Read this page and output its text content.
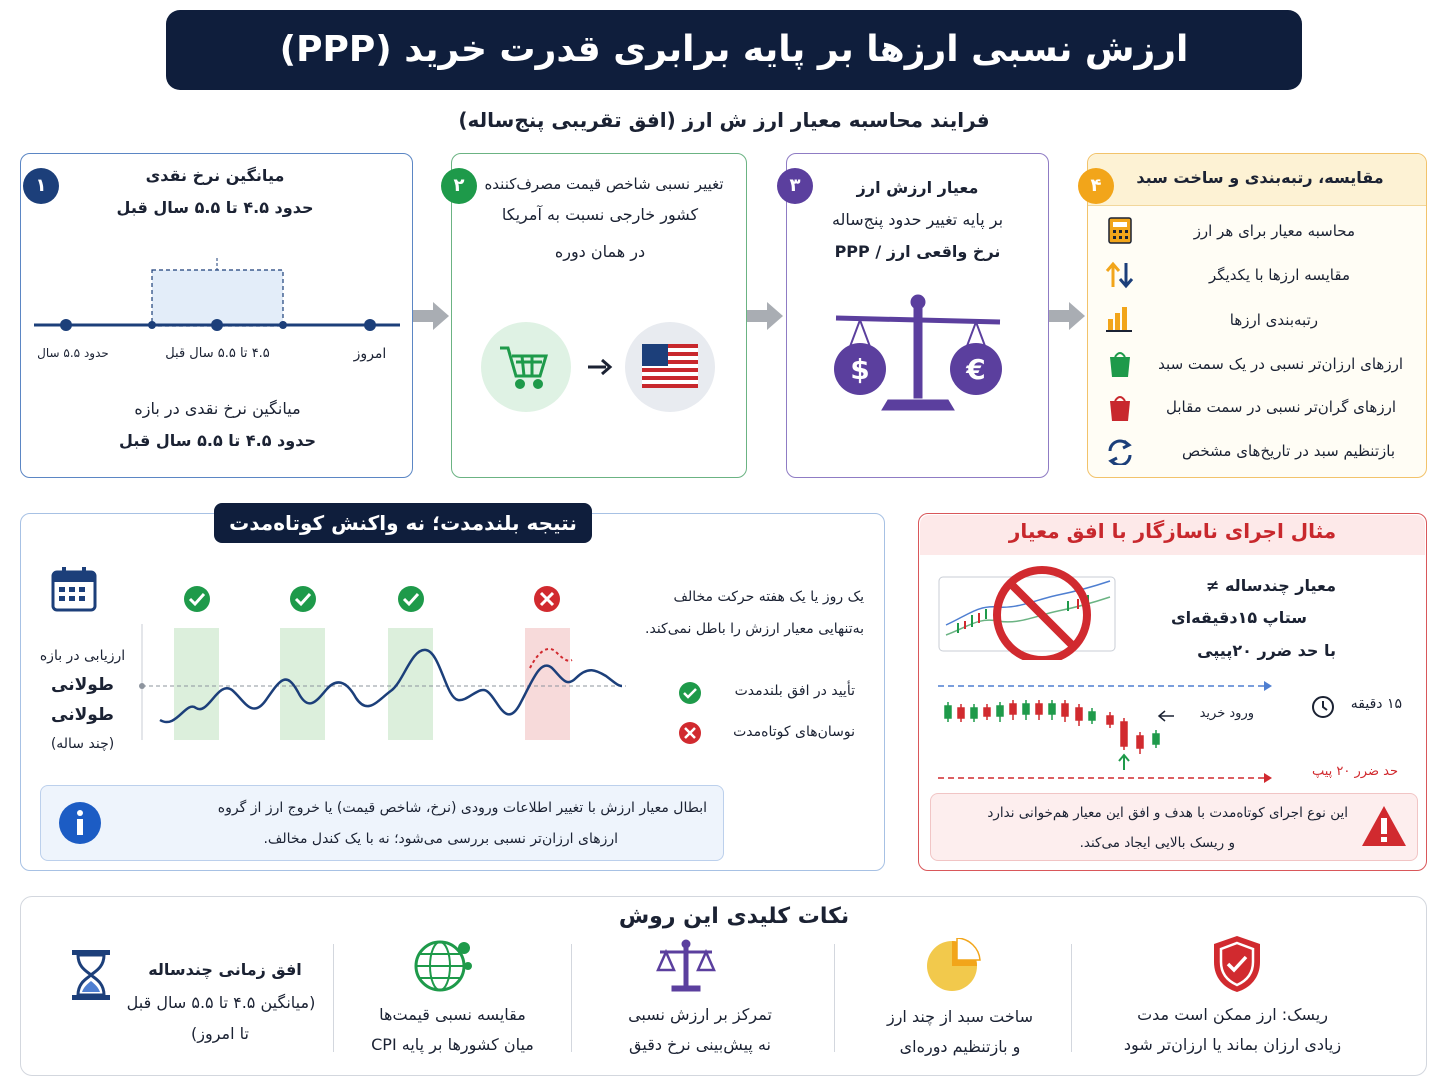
ارزش نسبی ارزها بر پایه برابری قدرت خرید (PPP)
فرایند محاسبه معیار ارز ش ارز (افق تقریبی پنج‌ساله)
۱	میانگین نرخ نقدی
حدود ۴.۵ تا ۵.۵ سال قبل
حدود ۵.۵ سال	۴.۵ تا ۵.۵ سال قبل	امروز
میانگین نرخ نقدی در بازه
حدود ۴.۵ تا ۵.۵ سال قبل
۲	تغییر نسبی شاخص قیمت مصرف‌کننده
کشور خارجی نسبت به آمریکا
در همان دوره
۳	معیار ارزش ارز
بر پایه تغییر حدود پنج‌ساله
نرخ واقعی ارز / PPP
$	€
۴	مقایسه، رتبه‌بندی و ساخت سبد
محاسبه معیار برای هر ارز
مقایسه ارزها با یکدیگر
رتبه‌بندی ارزها
ارزهای ارزان‌تر نسبی در یک سمت سبد
ارزهای گران‌تر نسبی در سمت مقابل
بازتنظیم سبد در تاریخ‌های مشخص
نتیجه بلندمدت؛ نه واکنش کوتاه‌مدت
ارزیابی در بازه
طولانی
طولانی
(چند ساله)
یک روز یا یک هفته حرکت مخالف
به‌تنهایی معیار ارزش را باطل نمی‌کند.
تأیید در افق بلندمدت
نوسان‌های کوتاه‌مدت
ابطال معیار ارزش با تغییر اطلاعات ورودی (نرخ، شاخص قیمت) یا خروج ارز از گروه
ارزهای ارزان‌تر نسبی بررسی می‌شود؛ نه با یک کندل مخالف.
مثال اجرای ناسازگار با افق معیار
معیار چندساله ≠
ستاپ ۱۵دقیقه‌ای
با حد ضرر ۲۰پیپی
ورود خرید
۱۵ دقیقه
حد ضرر ۲۰ پیپ
این نوع اجرای کوتاه‌مدت با هدف و افق این معیار هم‌خوانی ندارد
و ریسک بالایی ایجاد می‌کند.
نکات کلیدی این روش
افق زمانی چندساله
(میانگین ۴.۵ تا ۵.۵ سال قبل
تا امروز)
مقایسه نسبی قیمت‌ها
میان کشورها بر پایه CPI
تمرکز بر ارزش نسبی
نه پیش‌بینی نرخ دقیق
ساخت سبد از چند ارز
و بازتنظیم دوره‌ای
ریسک: ارز ممکن است مدت
زیادی ارزان بماند یا ارزان‌تر شود
